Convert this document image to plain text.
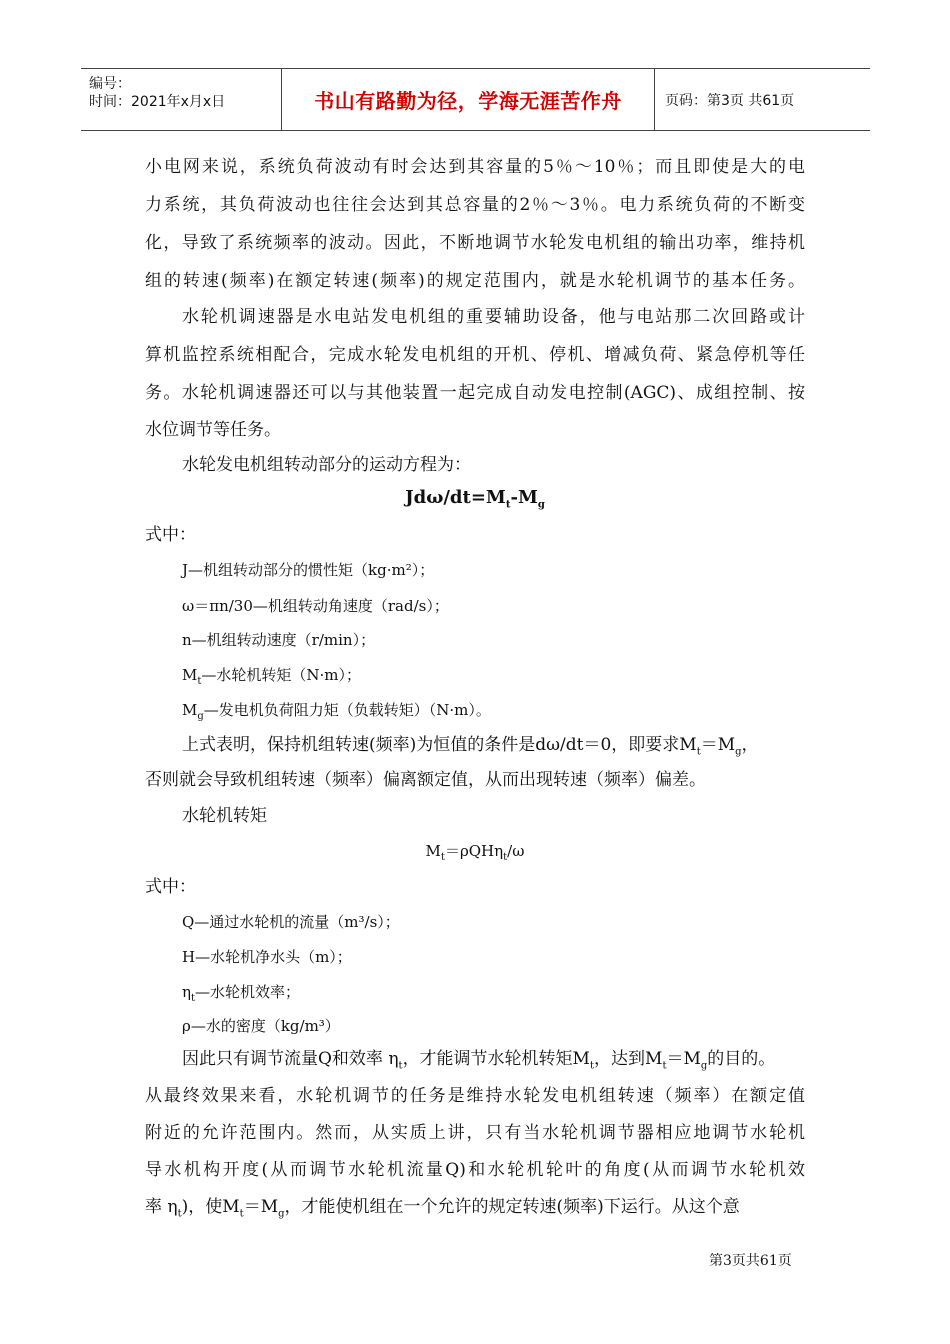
编号：
时间：2021年x月x日	书山有路勤为径，学海无涯苦作舟	页码：第3页 共61页
小电网来说，系统负荷波动有时会达到其容量的5％～10％；而且即使是大的电
力系统，其负荷波动也往往会达到其总容量的2％～3％。电力系统负荷的不断变
化，导致了系统频率的波动。因此，不断地调节水轮发电机组的输出功率，维持机
组的转速(频率)在额定转速(频率)的规定范围内，就是水轮机调节的基本任务。
水轮机调速器是水电站发电机组的重要辅助设备，他与电站那二次回路或计
算机监控系统相配合，完成水轮发电机组的开机、停机、增减负荷、紧急停机等任
务。水轮机调速器还可以与其他装置一起完成自动发电控制(AGC)、成组控制、按
水位调节等任务。
水轮发电机组转动部分的运动方程为：
Jdω/$dt=M_t-M_g$
式中：
J—机组转动部分的惯性矩（kg·m²）；
ω＝πn/30—机组转动角速度（rad/s）；
n—机组转动速度（r/min）；
$M_t—$水轮机转矩（N·m）；
$M_g—$发电机负荷阻力矩（负载转矩）（N·m）。
上式表明，保持机组转速(频率)为恒值的条件是dω/dt＝0，即要求$M_t=M_g$，
否则就会导致机组转速（频率）偏离额定值，从而出现转速（频率）偏差。
水轮机转矩
$M_t=\rho QH\eta_t/\omega$
式中：
Q—通过水轮机的流量（m³/s）；
H—水轮机净水头（m）；
$\eta_t—$水轮机效率；
ρ—水的密度（kg/m³）
因此只有调节流量Q和效率 $\eta_t$，才能调节水轮机转矩$M_t$，达到$M_t=M_g$的目的。
从最终效果来看，水轮机调节的任务是维持水轮发电机组转速（频率）在额定值
附近的允许范围内。然而，从实质上讲，只有当水轮机调节器相应地调节水轮机
导水机构开度(从而调节水轮机流量Q)和水轮机轮叶的角度(从而调节水轮机效
率 $\eta_t$)，使$M_t=M_g$，才能使机组在一个允许的规定转速(频率)下运行。从这个意
第3页共61页
